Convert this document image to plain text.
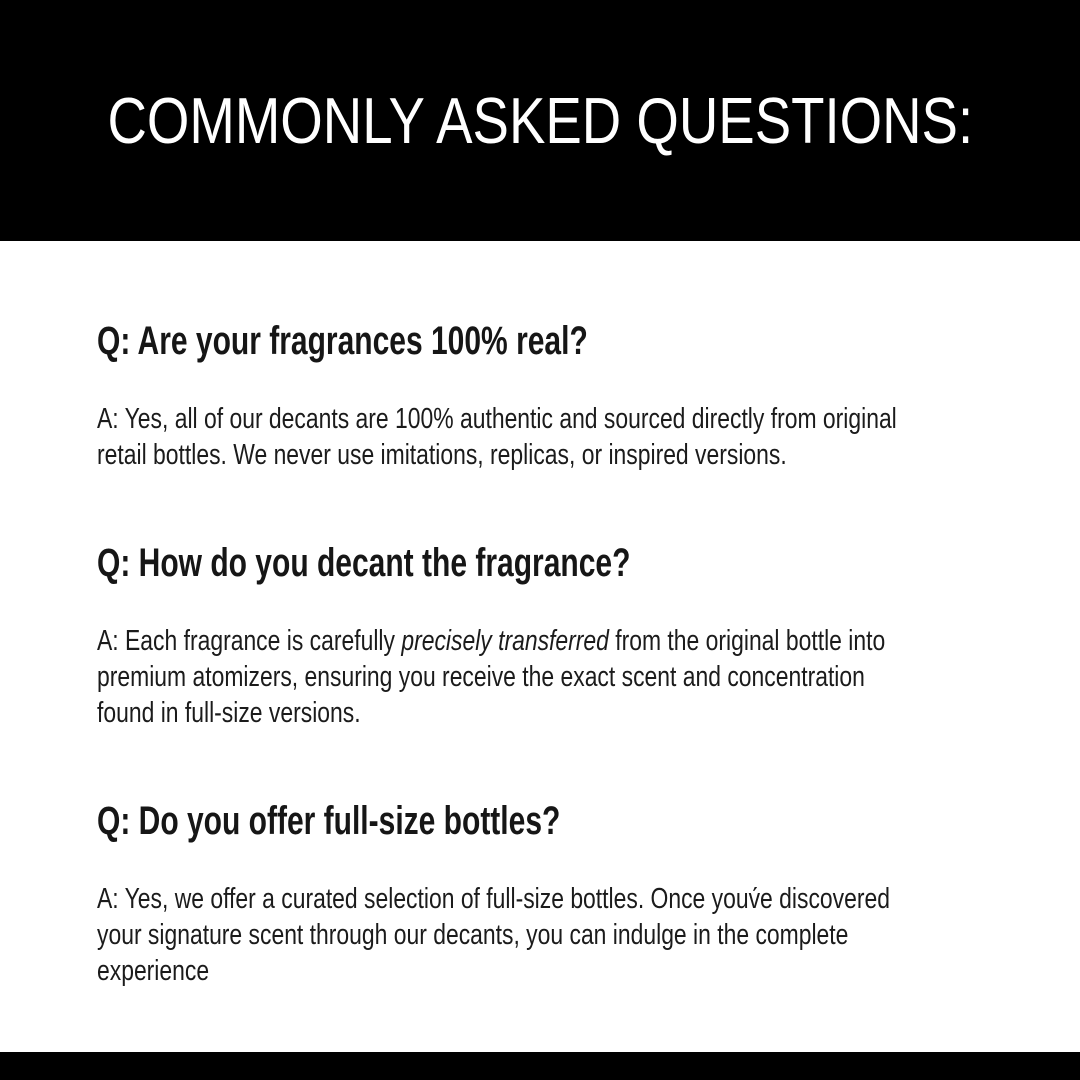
COMMONLY ASKED QUESTIONS:
Q: Are your fragrances 100% real?
A: Yes, all of our decants are 100% authentic and sourced directly from original
retail bottles. We never use imitations, replicas, or inspired versions.
Q: How do you decant the fragrance?
A: Each fragrance is carefully precisely transferred from the original bottle into
premium atomizers, ensuring you receive the exact scent and concentration
found in full-size versions.
Q: Do you offer full-size bottles?
A: Yes, we offer a curated selection of full-size bottles. Once youv́e discovered
your signature scent through our decants, you can indulge in the complete
experience
